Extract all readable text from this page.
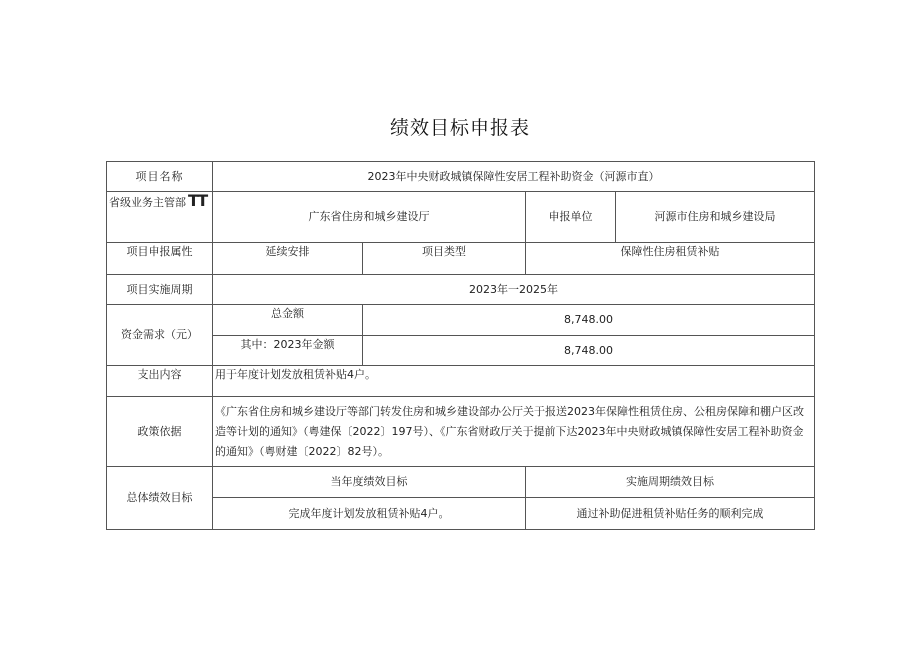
绩效目标申报表
项目名称	2023年中央财政城镇保障性安居工程补助资金（河源市直）			
省级业务主管部 TT	广东省住房和城乡建设厅		申报单位	河源市住房和城乡建设局
项目申报属性	延续安排	项目类型	保障性住房租赁补贴	
项目实施周期	2023年一2025年			
资金需求（元）	总金额	8,748.00		
	其中：2023年金额	8,748.00		
支出内容	用于年度计划发放租赁补贴4户。			
政策依据	《广东省住房和城乡建设厅等部门转发住房和城乡建设部办公厅关于报送2023年保障性租赁住房、公租房保障和棚户区改造等计划的通知》（粤建保〔2022〕197号）、《广东省财政厅关于提前下达2023年中央财政城镇保障性安居工程补助资金的通知》（粤财建〔2022〕82号）。			
总体绩效目标	当年度绩效目标		实施周期绩效目标	
	完成年度计划发放租赁补贴4户。		通过补助促进租赁补贴任务的顺利完成	
